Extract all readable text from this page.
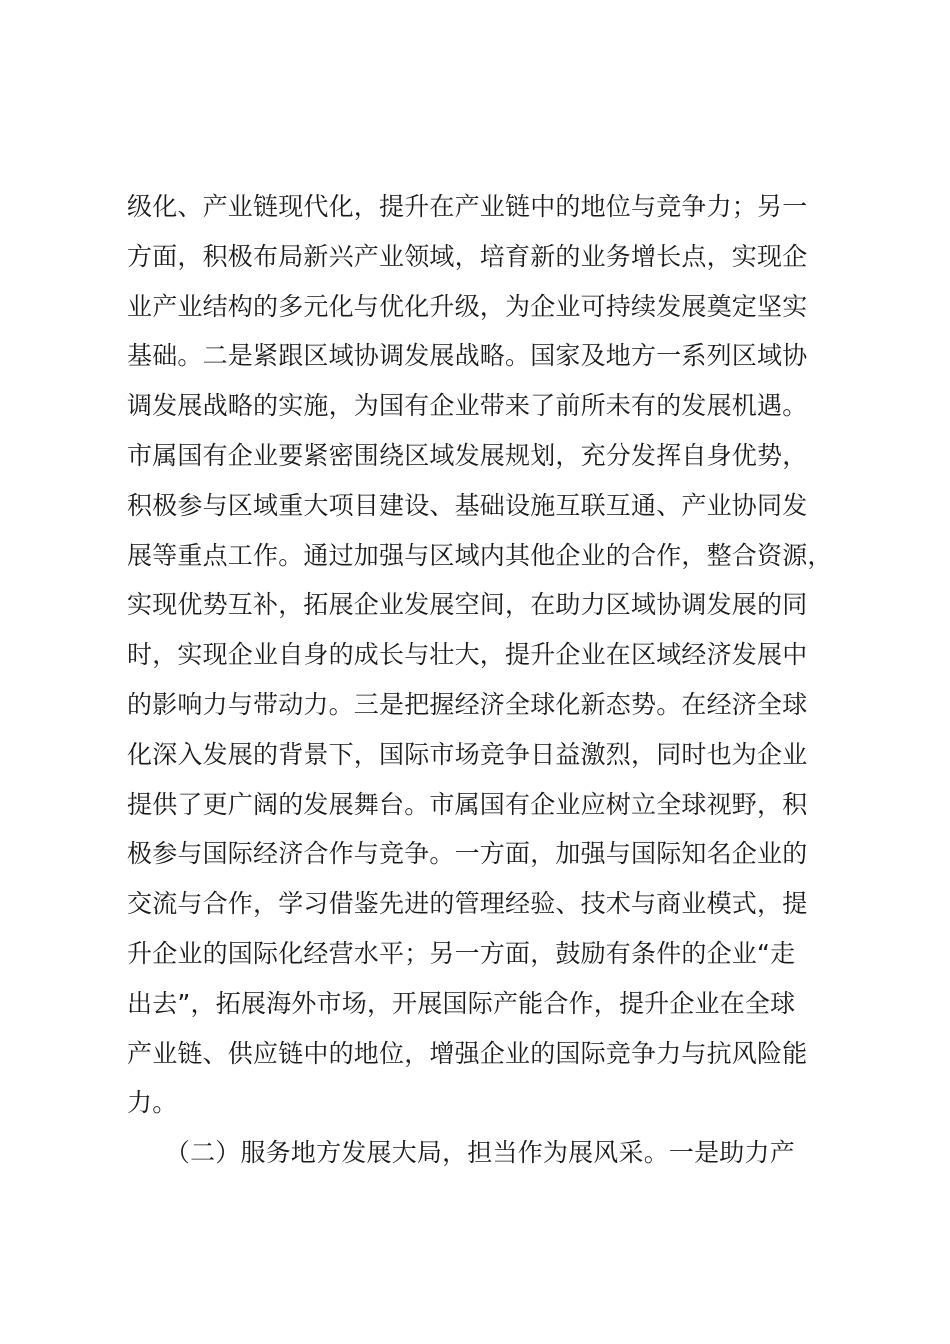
级化、产业链现代化，提升在产业链中的地位与竞争力；另一
方面，积极布局新兴产业领域，培育新的业务增长点，实现企
业产业结构的多元化与优化升级，为企业可持续发展奠定坚实
基础。二是紧跟区域协调发展战略。国家及地方一系列区域协
调发展战略的实施，为国有企业带来了前所未有的发展机遇。
市属国有企业要紧密围绕区域发展规划，充分发挥自身优势，
积极参与区域重大项目建设、基础设施互联互通、产业协同发
展等重点工作。通过加强与区域内其他企业的合作，整合资源，
实现优势互补，拓展企业发展空间，在助力区域协调发展的同
时，实现企业自身的成长与壮大，提升企业在区域经济发展中
的影响力与带动力。三是把握经济全球化新态势。在经济全球
化深入发展的背景下，国际市场竞争日益激烈，同时也为企业
提供了更广阔的发展舞台。市属国有企业应树立全球视野，积
极参与国际经济合作与竞争。一方面，加强与国际知名企业的
交流与合作，学习借鉴先进的管理经验、技术与商业模式，提
升企业的国际化经营水平；另一方面，鼓励有条件的企业“走
出去”，拓展海外市场，开展国际产能合作，提升企业在全球
产业链、供应链中的地位，增强企业的国际竞争力与抗风险能
力。
　　（二）服务地方发展大局，担当作为展风采。一是助力产
